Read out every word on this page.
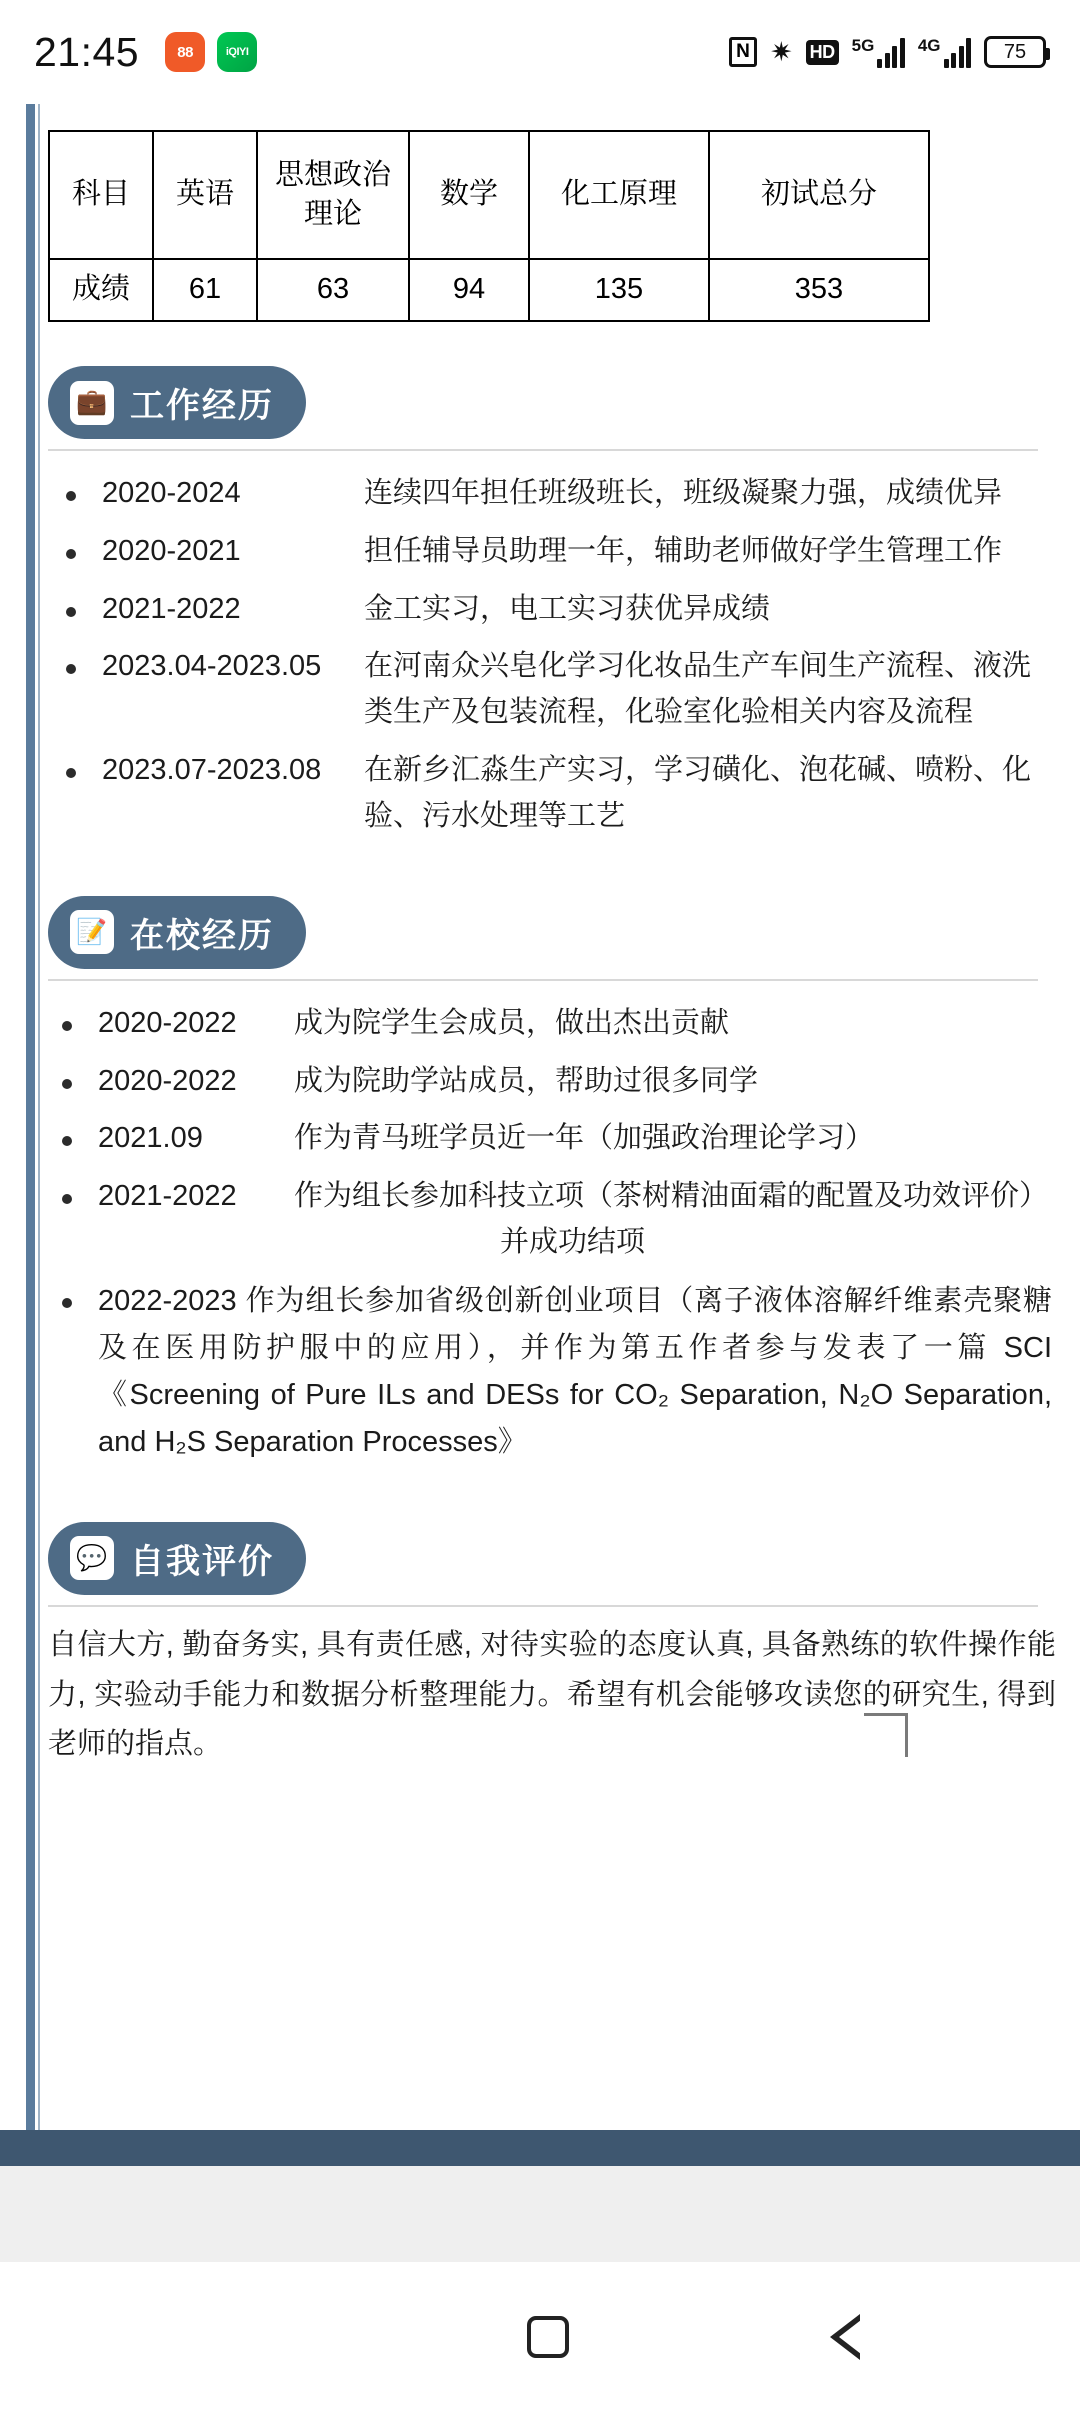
21:45	88	iQIYI	N ✷ HD 5G	4G	75
科目	英语	思想政治理论	数学	化工原理	初试总分
成绩	61	63	94	135	353
💼 工作经历
2020-2024	连续四年担任班级班长，班级凝聚力强，成绩优异
2020-2021	担任辅导员助理一年，辅助老师做好学生管理工作
2021-2022	金工实习，电工实习获优异成绩
2023.04-2023.05	在河南众兴皂化学习化妆品生产车间生产流程、液洗类生产及包装流程，化验室化验相关内容及流程
2023.07-2023.08	在新乡汇淼生产实习，学习磺化、泡花碱、喷粉、化验、污水处理等工艺
📝 在校经历
2020-2022	成为院学生会成员，做出杰出贡献
2020-2022	成为院助学站成员，帮助过很多同学
2021.09	作为青马班学员近一年（加强政治理论学习）
2021-2022	作为组长参加科技立项（茶树精油面霜的配置及功效评价）
并成功结项
2022-2023 作为组长参加省级创新创业项目（离子液体溶解纤维素壳聚糖及在医用防护服中的应用），并作为第五作者参与发表了一篇 SCI 《Screening of Pure ILs and DESs for CO₂ Separation, N₂O Separation, and H₂S Separation Processes》
💬 自我评价
自信大方, 勤奋务实, 具有责任感, 对待实验的态度认真, 具备熟练的软件操作能力, 实验动手能力和数据分析整理能力。希望有机会能够攻读您的研究生, 得到老师的指点。
